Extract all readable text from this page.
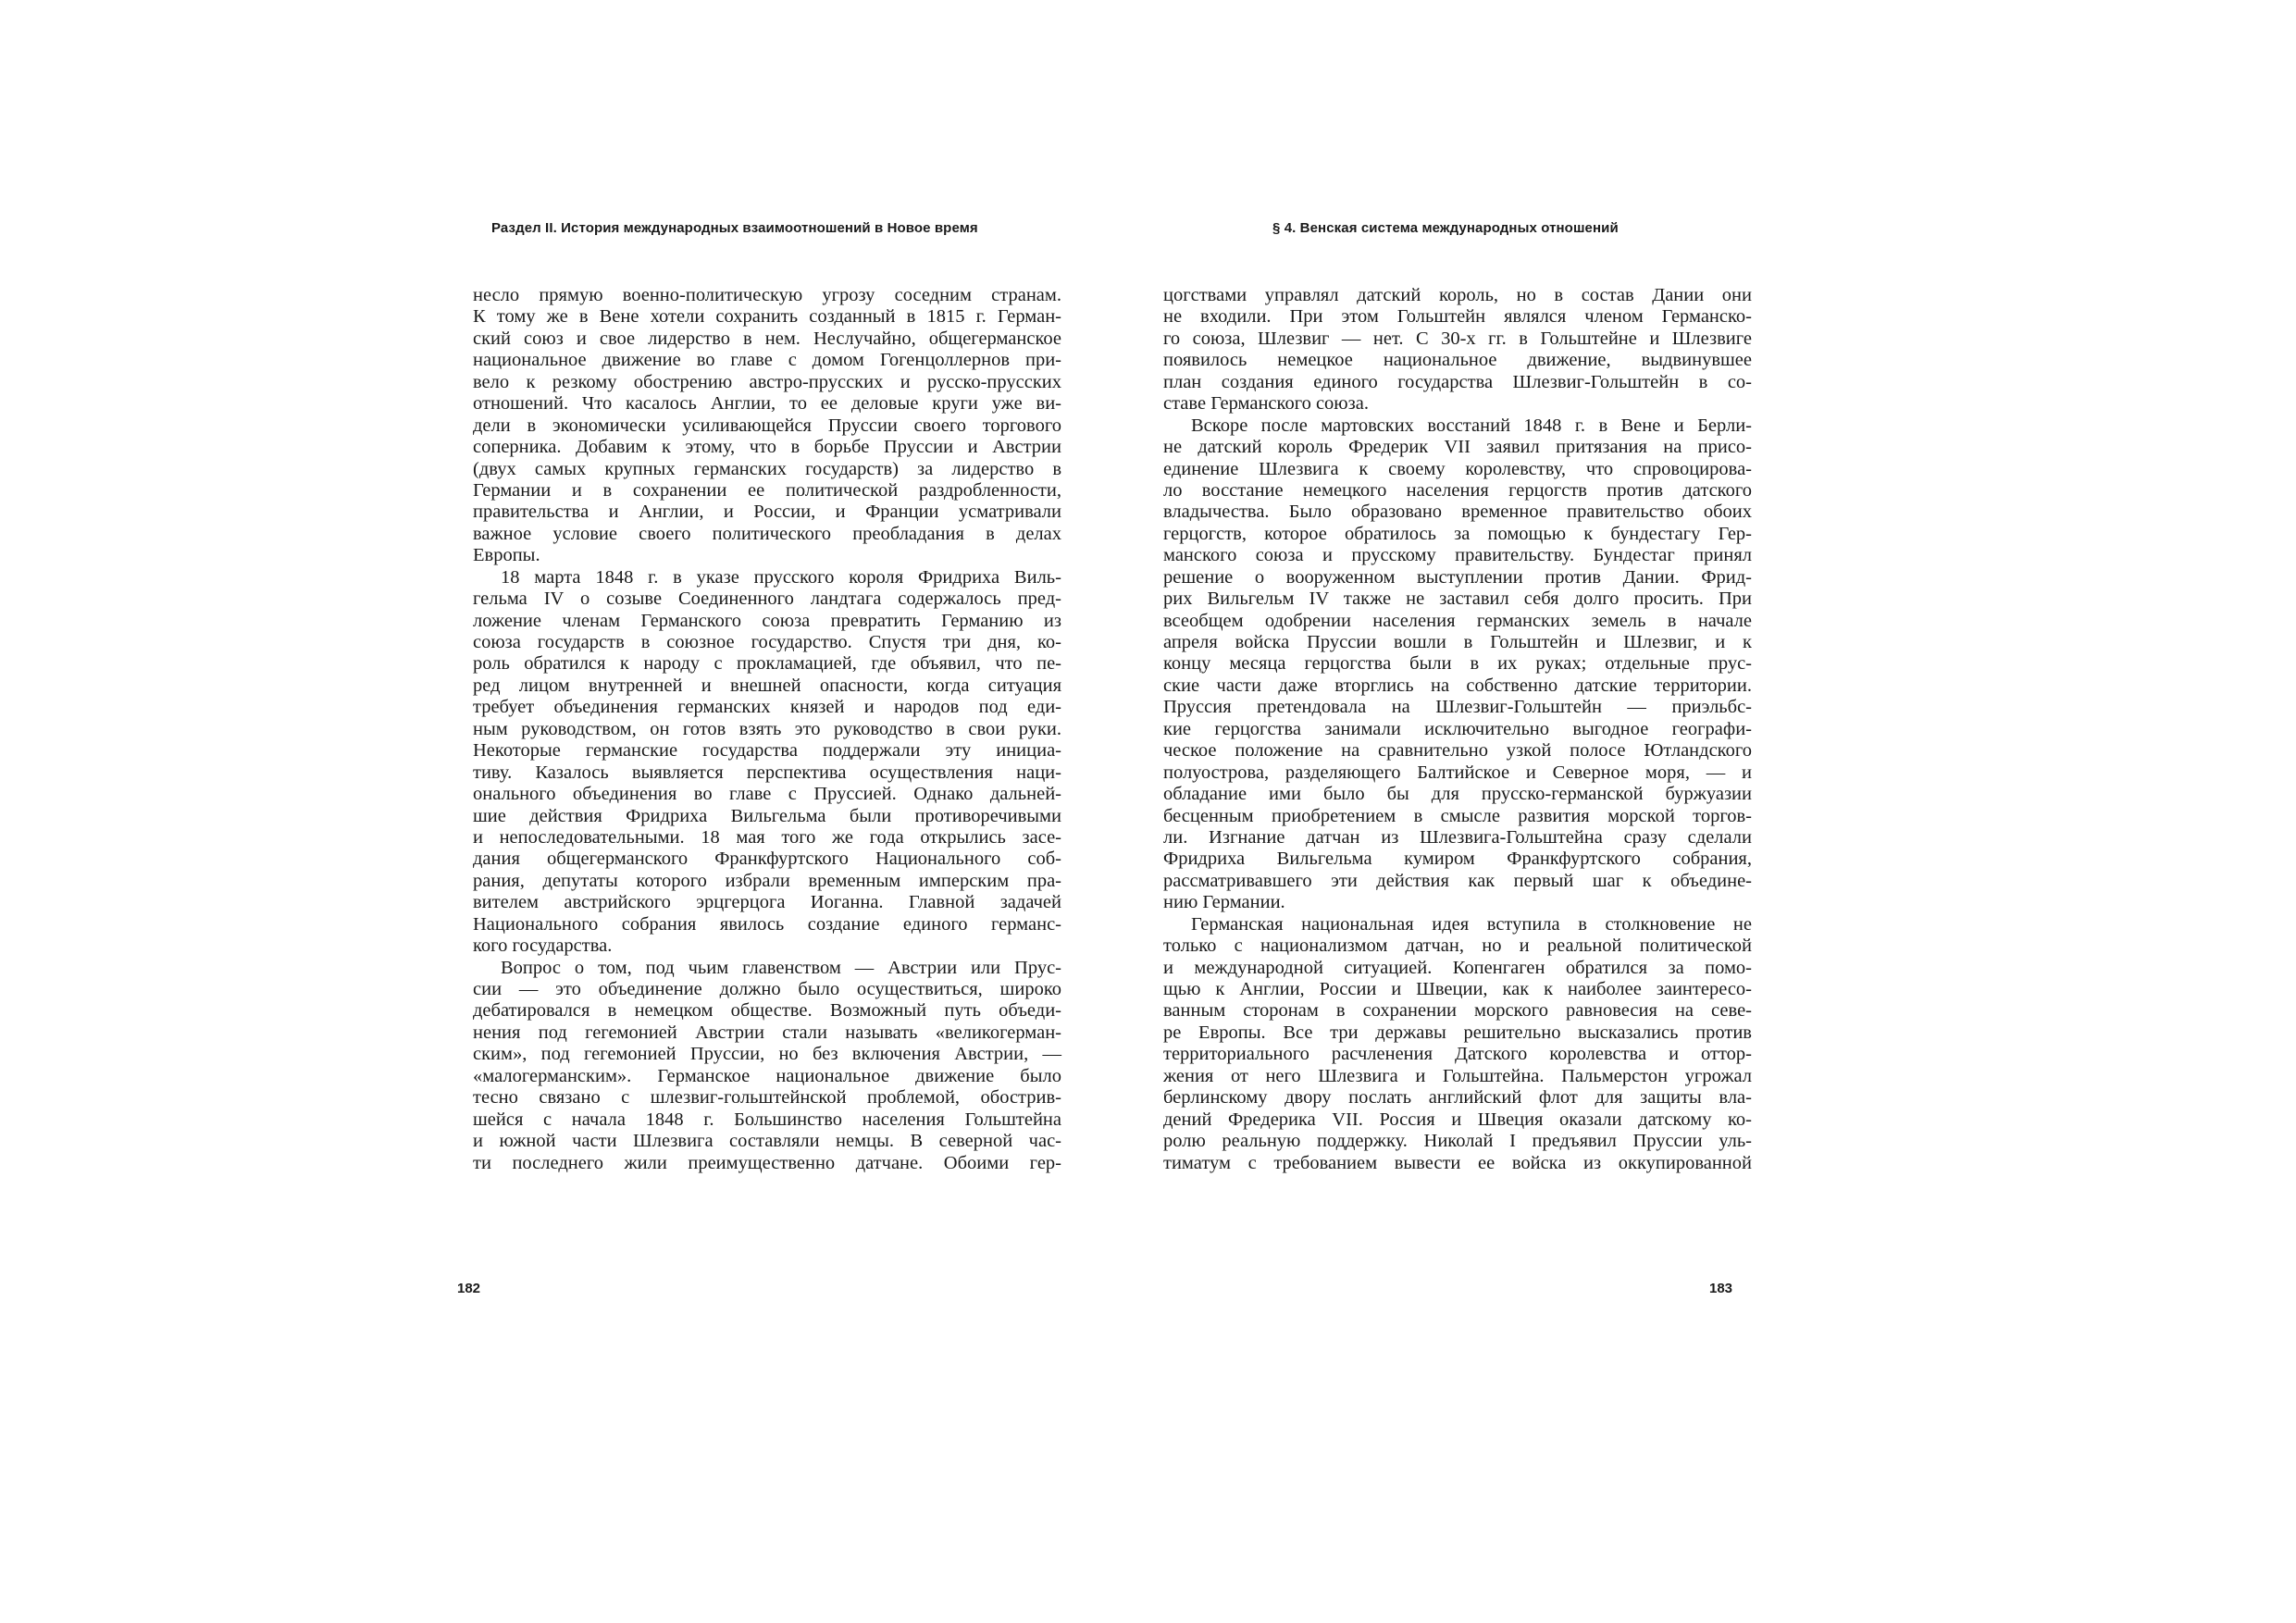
Раздел II. История международных взаимоотношений в Новое время
несло прямую военно-политическую угрозу соседним странам.
К тому же в Вене хотели сохранить созданный в 1815 г. Герман-
ский союз и свое лидерство в нем. Неслучайно, общегерманское
национальное движение во главе с домом Гогенцоллернов при-
вело к резкому обострению австро-прусских и русско-прусских
отношений. Что касалось Англии, то ее деловые круги уже ви-
дели в экономически усиливающейся Пруссии своего торгового
соперника. Добавим к этому, что в борьбе Пруссии и Австрии
(двух самых крупных германских государств) за лидерство в
Германии и в сохранении ее политической раздробленности,
правительства и Англии, и России, и Франции усматривали
важное условие своего политического преобладания в делах
Европы.
18 марта 1848 г. в указе прусского короля Фридриха Виль-
гельма IV о созыве Соединенного ландтага содержалось пред-
ложение членам Германского союза превратить Германию из
союза государств в союзное государство. Спустя три дня, ко-
роль обратился к народу с прокламацией, где объявил, что пе-
ред лицом внутренней и внешней опасности, когда ситуация
требует объединения германских князей и народов под еди-
ным руководством, он готов взять это руководство в свои руки.
Некоторые германские государства поддержали эту инициа-
тиву. Казалось выявляется перспектива осуществления наци-
онального объединения во главе с Пруссией. Однако дальней-
шие действия Фридриха Вильгельма были противоречивыми
и непоследовательными. 18 мая того же года открылись засе-
дания общегерманского Франкфуртского Национального соб-
рания, депутаты которого избрали временным имперским пра-
вителем австрийского эрцгерцога Иоганна. Главной задачей
Национального собрания явилось создание единого германс-
кого государства.
Вопрос о том, под чьим главенством — Австрии или Прус-
сии — это объединение должно было осуществиться, широко
дебатировался в немецком обществе. Возможный путь объеди-
нения под гегемонией Австрии стали называть «великогерман-
ским», под гегемонией Пруссии, но без включения Австрии, —
«малогерманским». Германское национальное движение было
тесно связано с шлезвиг-гольштейнской проблемой, обострив-
шейся с начала 1848 г. Большинство населения Гольштейна
и южной части Шлезвига составляли немцы. В северной час-
ти последнего жили преимущественно датчане. Обоими гер-
182
§ 4. Венская система международных отношений
цогствами управлял датский король, но в состав Дании они
не входили. При этом Гольштейн являлся членом Германско-
го союза, Шлезвиг — нет. С 30-х гг. в Гольштейне и Шлезвиге
появилось немецкое национальное движение, выдвинувшее
план создания единого государства Шлезвиг-Гольштейн в со-
ставе Германского союза.
Вскоре после мартовских восстаний 1848 г. в Вене и Берли-
не датский король Фредерик VII заявил притязания на присо-
единение Шлезвига к своему королевству, что спровоцирова-
ло восстание немецкого населения герцогств против датского
владычества. Было образовано временное правительство обоих
герцогств, которое обратилось за помощью к бундестагу Гер-
манского союза и прусскому правительству. Бундестаг принял
решение о вооруженном выступлении против Дании. Фрид-
рих Вильгельм IV также не заставил себя долго просить. При
всеобщем одобрении населения германских земель в начале
апреля войска Пруссии вошли в Гольштейн и Шлезвиг, и к
концу месяца герцогства были в их руках; отдельные прус-
ские части даже вторглись на собственно датские территории.
Пруссия претендовала на Шлезвиг-Гольштейн — приэльбс-
кие герцогства занимали исключительно выгодное географи-
ческое положение на сравнительно узкой полосе Ютландского
полуострова, разделяющего Балтийское и Северное моря, — и
обладание ими было бы для прусско-германской буржуазии
бесценным приобретением в смысле развития морской торгов-
ли. Изгнание датчан из Шлезвига-Гольштейна сразу сделали
Фридриха Вильгельма кумиром Франкфуртского собрания,
рассматривавшего эти действия как первый шаг к объедине-
нию Германии.
Германская национальная идея вступила в столкновение не
только с национализмом датчан, но и реальной политической
и международной ситуацией. Копенгаген обратился за помо-
щью к Англии, России и Швеции, как к наиболее заинтересо-
ванным сторонам в сохранении морского равновесия на севе-
ре Европы. Все три державы решительно высказались против
территориального расчленения Датского королевства и оттор-
жения от него Шлезвига и Гольштейна. Пальмерстон угрожал
берлинскому двору послать английский флот для защиты вла-
дений Фредерика VII. Россия и Швеция оказали датскому ко-
ролю реальную поддержку. Николай I предъявил Пруссии уль-
тиматум с требованием вывести ее войска из оккупированной
183
